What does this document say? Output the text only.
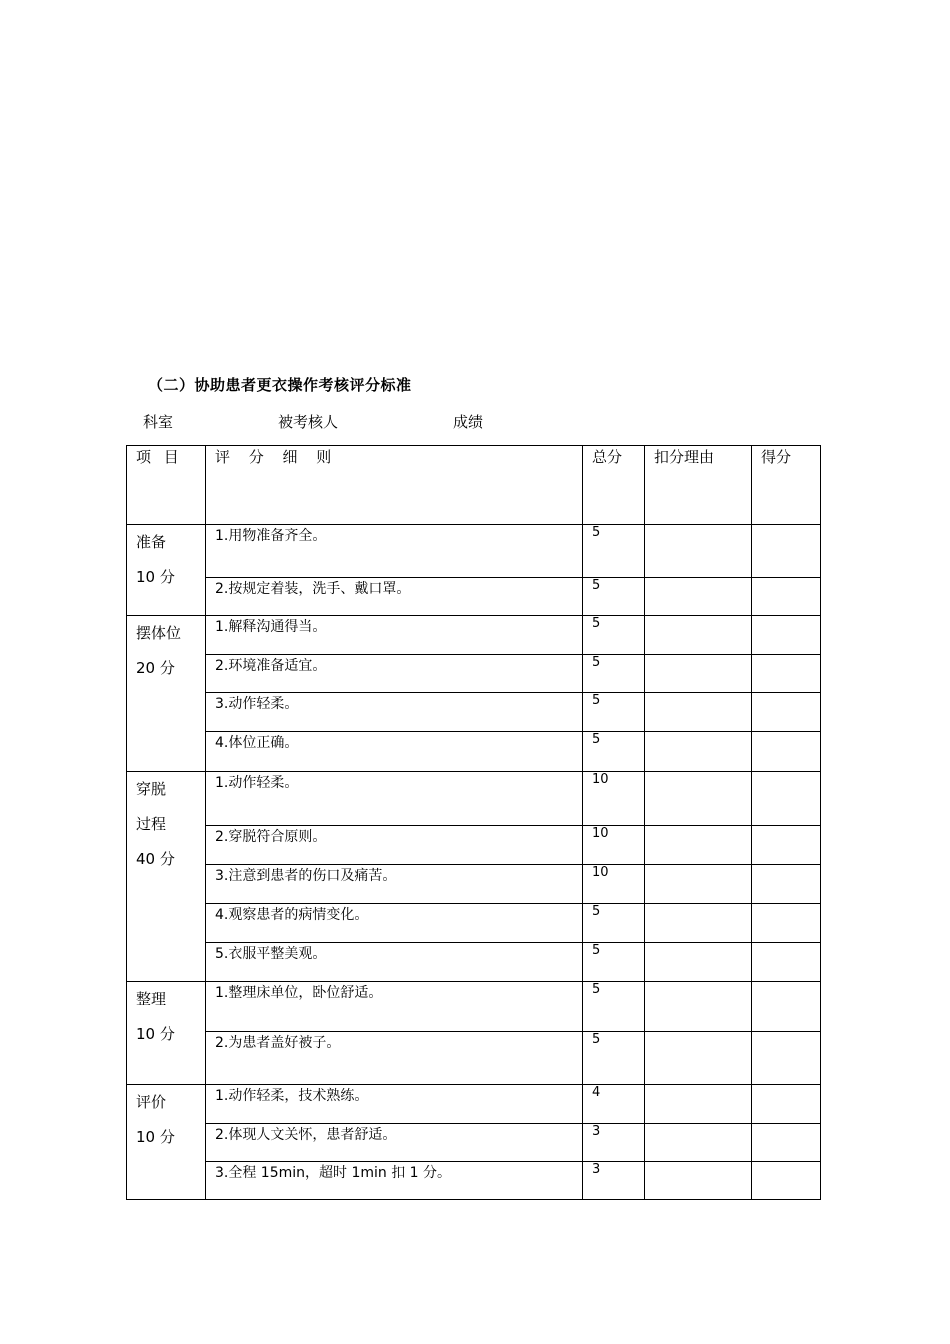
（二）协助患者更衣操作考核评分标准
科室	被考核人	成绩
项 目	评 分 细 则	总分	扣分理由	得分

准备
10 分	1.用物准备齐全。	5		
	2.按规定着装，洗手、戴口罩。	5		

摆体位
20 分	1.解释沟通得当。	5		
	2.环境准备适宜。	5		
	3.动作轻柔。	5		
	4.体位正确。	5		

穿脱
过程
40 分	1.动作轻柔。	10		
	2.穿脱符合原则。	10		
	3.注意到患者的伤口及痛苦。	10		
	4.观察患者的病情变化。	5		
	5.衣服平整美观。	5		

整理
10 分	1.整理床单位，卧位舒适。	5		
	2.为患者盖好被子。	5		

评价
10 分	1.动作轻柔，技术熟练。	4		
	2.体现人文关怀，患者舒适。	3		
	3.全程 15min，超时 1min 扣 1 分。	3		
